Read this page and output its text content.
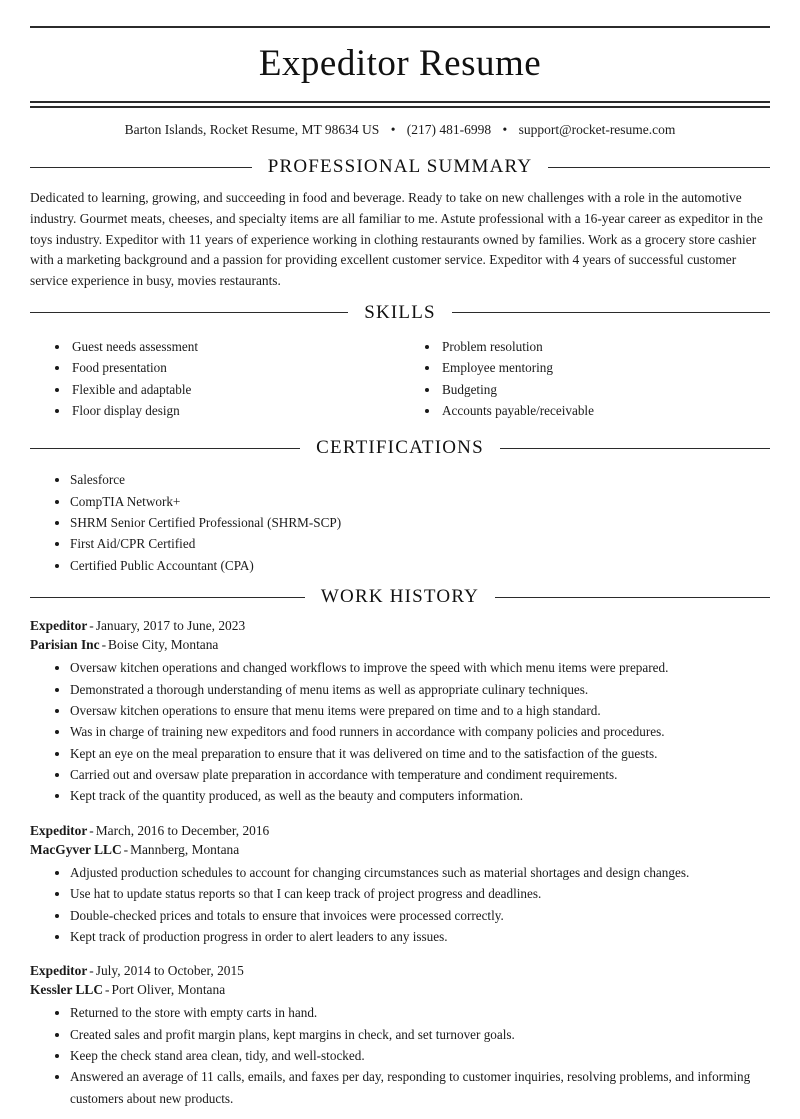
Expeditor Resume
Barton Islands, Rocket Resume, MT 98634 US • (217) 481-6998 • support@rocket-resume.com
PROFESSIONAL SUMMARY

Dedicated to learning, growing, and succeeding in food and beverage. Ready to take on new challenges with a role in the automotive industry. Gourmet meats, cheeses, and specialty items are all familiar to me. Astute professional with a 16-year career as expeditor in the toys industry. Expeditor with 11 years of experience working in clothing restaurants owned by families. Work as a grocery store cashier with a marketing background and a passion for providing excellent customer service. Expeditor with 4 years of successful customer service experience in busy, movies restaurants.

SKILLS
• Guest needs assessment
• Food presentation
• Flexible and adaptable
• Floor display design
• Problem resolution
• Employee mentoring
• Budgeting
• Accounts payable/receivable
CERTIFICATIONS
• Salesforce
• CompTIA Network+
• SHRM Senior Certified Professional (SHRM-SCP)
• First Aid/CPR Certified
• Certified Public Accountant (CPA)
WORK HISTORY
Expeditor - January, 2017 to June, 2023
Parisian Inc - Boise City, Montana
• Oversaw kitchen operations and changed workflows to improve the speed with which menu items were prepared.
• Demonstrated a thorough understanding of menu items as well as appropriate culinary techniques.
• Oversaw kitchen operations to ensure that menu items were prepared on time and to a high standard.
• Was in charge of training new expeditors and food runners in accordance with company policies and procedures.
• Kept an eye on the meal preparation to ensure that it was delivered on time and to the satisfaction of the guests.
• Carried out and oversaw plate preparation in accordance with temperature and condiment requirements.
• Kept track of the quantity produced, as well as the beauty and computers information.
Expeditor - March, 2016 to December, 2016
MacGyver LLC - Mannberg, Montana
• Adjusted production schedules to account for changing circumstances such as material shortages and design changes.
• Use hat to update status reports so that I can keep track of project progress and deadlines.
• Double-checked prices and totals to ensure that invoices were processed correctly.
• Kept track of production progress in order to alert leaders to any issues.
Expeditor - July, 2014 to October, 2015
Kessler LLC - Port Oliver, Montana
• Returned to the store with empty carts in hand.
• Created sales and profit margin plans, kept margins in check, and set turnover goals.
• Keep the check stand area clean, tidy, and well-stocked.
• Answered an average of 11 calls, emails, and faxes per day, responding to customer inquiries, resolving problems, and informing customers about new products.
